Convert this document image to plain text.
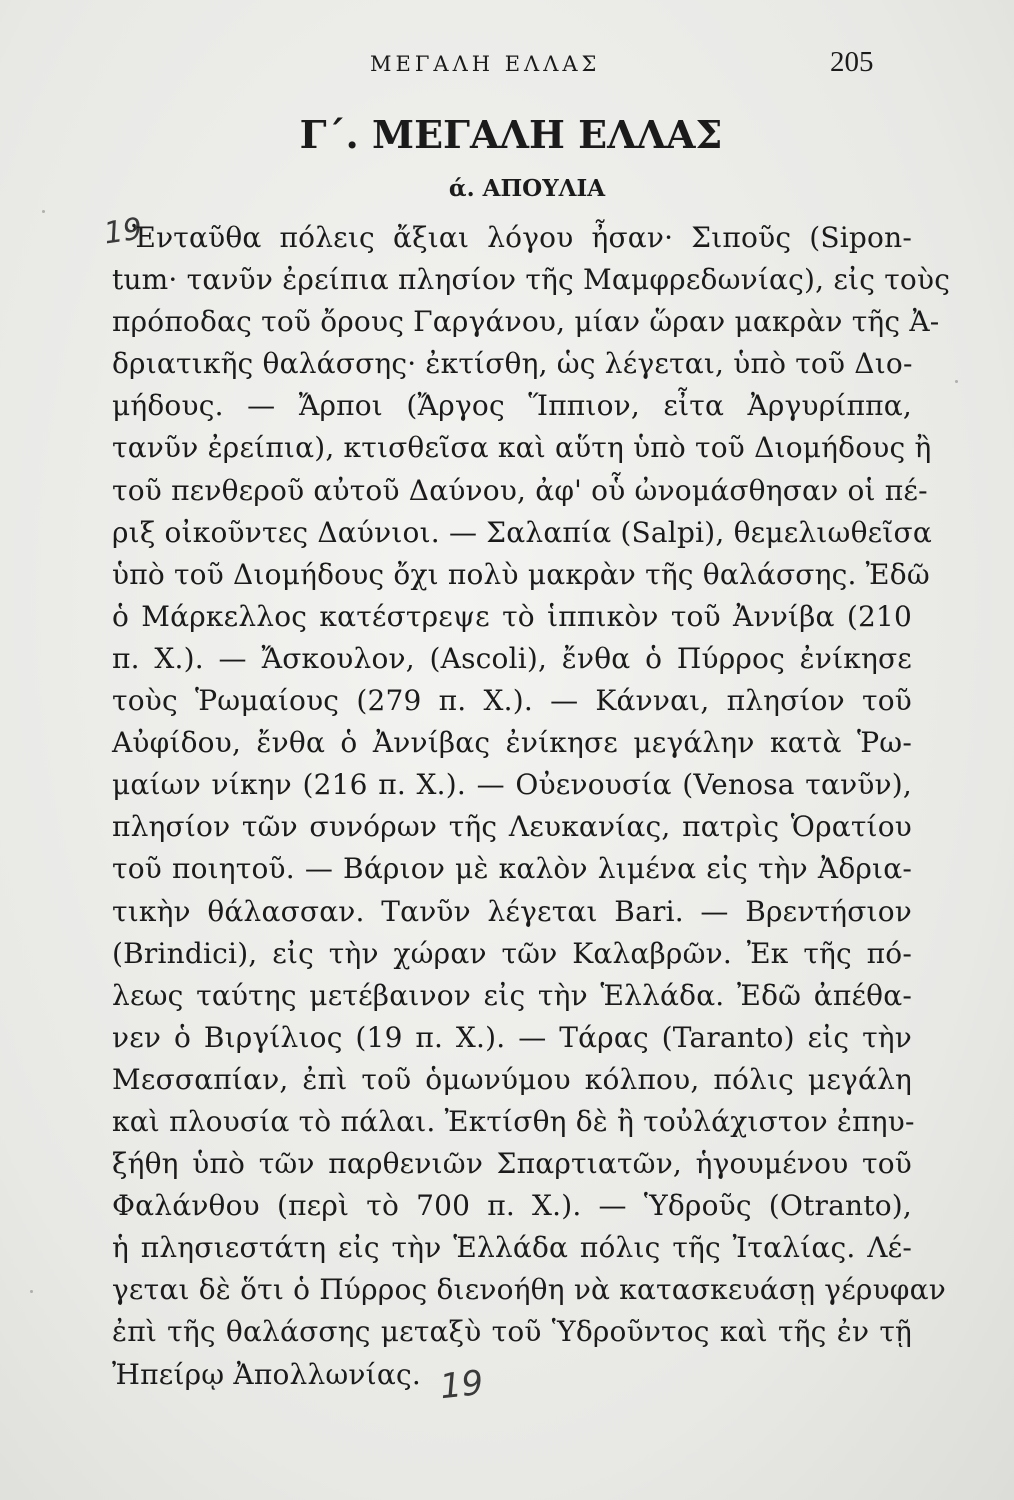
ΜΕΓΑΛΗ ΕΛΛΑΣ	205
Γ΄. ΜΕΓΑΛΗ ΕΛΛΑΣ
ά. ΑΠΟΥΛΙΑ
19
Ἐνταῦθα πόλεις ἄξιαι λόγου ἦσαν· Σιποῦς (Sipon-
tum· τανῦν ἐρείπια πλησίον τῆς Μαμφρεδωνίας), εἰς τοὺς
πρόποδας τοῦ ὄρους Γαργάνου, μίαν ὥραν μακρὰν τῆς Ἀ-
δριατικῆς θαλάσσης· ἐκτίσθη, ὡς λέγεται, ὑπὸ τοῦ Διο-
μήδους. — Ἄρποι (Ἄργος Ἵππιον, εἶτα Ἀργυρίππα,
τανῦν ἐρείπια), κτισθεῖσα καὶ αὕτη ὑπὸ τοῦ Διομήδους ἢ
τοῦ πενθεροῦ αὐτοῦ Δαύνου, ἀφ' οὗ ὠνομάσθησαν οἱ πέ-
ριξ οἰκοῦντες Δαύνιοι. — Σαλαπία (Salpi), θεμελιωθεῖσα
ὑπὸ τοῦ Διομήδους ὄχι πολὺ μακρὰν τῆς θαλάσσης. Ἐδῶ
ὁ Μάρκελλος κατέστρεψε τὸ ἱππικὸν τοῦ Ἀννίβα (210
π. Χ.). — Ἄσκουλον, (Ascoli), ἔνθα ὁ Πύρρος ἐνίκησε
τοὺς Ῥωμαίους (279 π. Χ.). — Κάνναι, πλησίον τοῦ
Αὐφίδου, ἔνθα ὁ Ἀννίβας ἐνίκησε μεγάλην κατὰ Ῥω-
μαίων νίκην (216 π. Χ.). — Οὐενουσία (Venosa τανῦν),
πλησίον τῶν συνόρων τῆς Λευκανίας, πατρὶς Ὁρατίου
τοῦ ποιητοῦ. — Βάριον μὲ καλὸν λιμένα εἰς τὴν Ἀδρια-
τικὴν θάλασσαν. Τανῦν λέγεται Bari. — Βρεντήσιον
(Brindici), εἰς τὴν χώραν τῶν Καλαβρῶν. Ἐκ τῆς πό-
λεως ταύτης μετέβαινον εἰς τὴν Ἑλλάδα. Ἐδῶ ἀπέθα-
νεν ὁ Βιργίλιος (19 π. Χ.). — Τάρας (Taranto) εἰς τὴν
Μεσσαπίαν, ἐπὶ τοῦ ὁμωνύμου κόλπου, πόλις μεγάλη
καὶ πλουσία τὸ πάλαι. Ἐκτίσθη δὲ ἢ τοὐλάχιστον ἐπηυ-
ξήθη ὑπὸ τῶν παρθενιῶν Σπαρτιατῶν, ἡγουμένου τοῦ
Φαλάνθου (περὶ τὸ 700 π. Χ.). — Ὑδροῦς (Otranto),
ἡ πλησιεστάτη εἰς τὴν Ἑλλάδα πόλις τῆς Ἰταλίας. Λέ-
γεται δὲ ὅτι ὁ Πύρρος διενοήθη νὰ κατασκευάσῃ γέρυφαν
ἐπὶ τῆς θαλάσσης μεταξὺ τοῦ Ὑδροῦντος καὶ τῆς ἐν τῇ
Ἠπείρῳ Ἀπολλωνίας. 19
